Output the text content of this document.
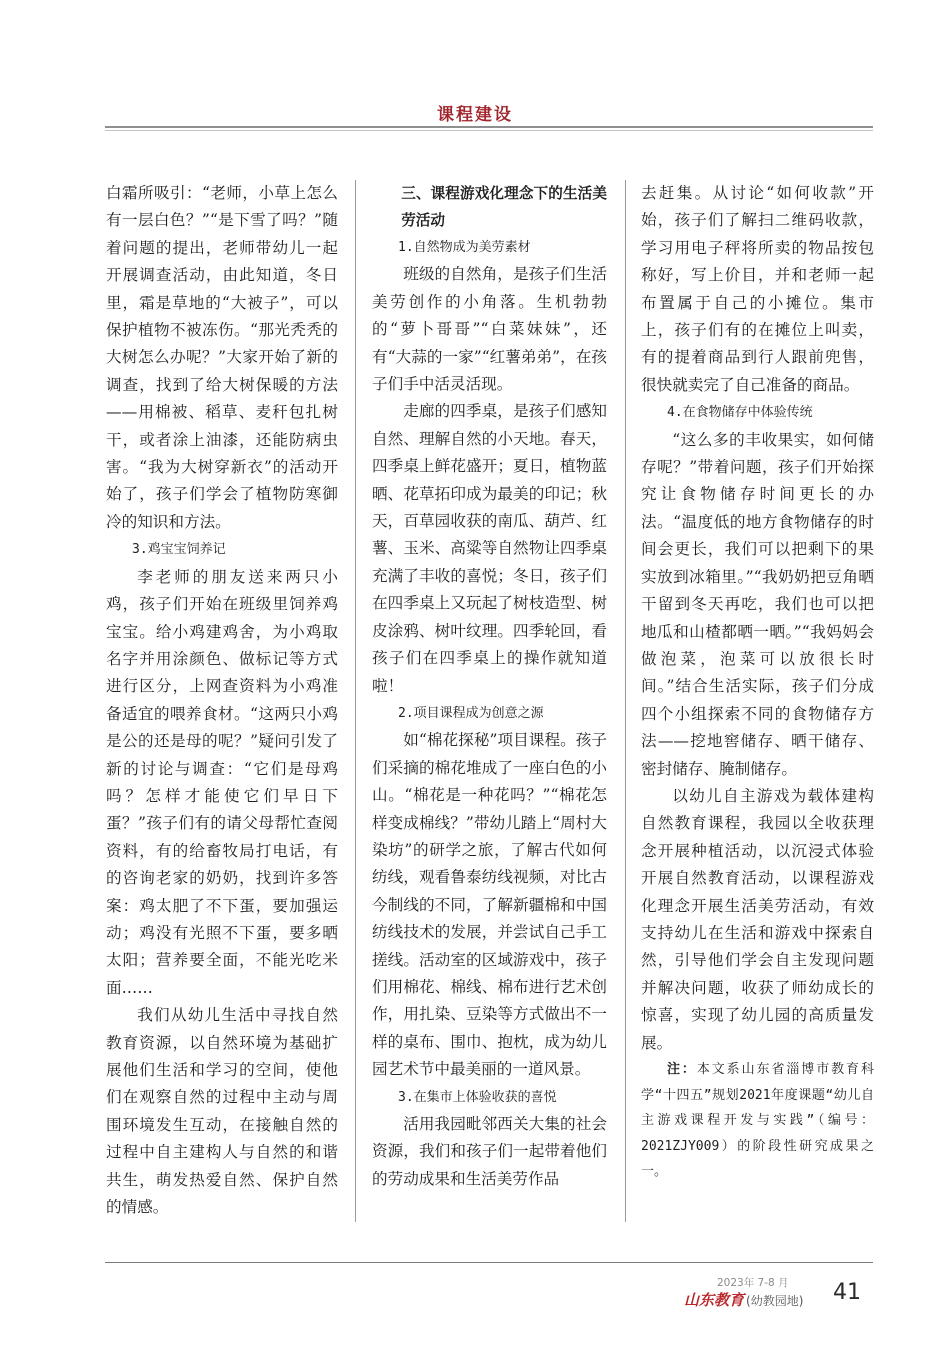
课程建设

白霜所吸引：“老师，小草上怎么有一层白色？”“是下雪了吗？”随着问题的提出，老师带幼儿一起开展调查活动，由此知道，冬日里，霜是草地的“大被子”，可以保护植物不被冻伤。“那光秃秃的大树怎么办呢？”大家开始了新的调查，找到了给大树保暖的方法——用棉被、稻草、麦秆包扎树干，或者涂上油漆，还能防病虫害。“我为大树穿新衣”的活动开始了，孩子们学会了植物防寒御冷的知识和方法。

3.鸡宝宝饲养记

李老师的朋友送来两只小鸡，孩子们开始在班级里饲养鸡宝宝。给小鸡建鸡舍，为小鸡取名字并用涂颜色、做标记等方式进行区分，上网查资料为小鸡准备适宜的喂养食材。“这两只小鸡是公的还是母的呢？”疑问引发了新的讨论与调查：“它们是母鸡吗？怎样才能使它们早日下蛋？”孩子们有的请父母帮忙查阅资料，有的给畜牧局打电话，有的咨询老家的奶奶，找到许多答案：鸡太肥了不下蛋，要加强运动；鸡没有光照不下蛋，要多晒太阳；营养要全面，不能光吃米面……

我们从幼儿生活中寻找自然教育资源，以自然环境为基础扩展他们生活和学习的空间，使他们在观察自然的过程中主动与周围环境发生互动，在接触自然的过程中自主建构人与自然的和谐共生，萌发热爱自然、保护自然的情感。

三、课程游戏化理念下的生活美劳活动

1.自然物成为美劳素材

班级的自然角，是孩子们生活美劳创作的小角落。生机勃勃的“萝卜哥哥”“白菜妹妹”，还有“大蒜的一家”“红薯弟弟”，在孩子们手中活灵活现。

走廊的四季桌，是孩子们感知自然、理解自然的小天地。春天，四季桌上鲜花盛开；夏日，植物蓝晒、花草拓印成为最美的印记；秋天，百草园收获的南瓜、葫芦、红薯、玉米、高粱等自然物让四季桌充满了丰收的喜悦；冬日，孩子们在四季桌上又玩起了树枝造型、树皮涂鸦、树叶纹理。四季轮回，看孩子们在四季桌上的操作就知道啦！

2.项目课程成为创意之源

如“棉花探秘”项目课程。孩子们采摘的棉花堆成了一座白色的小山。“棉花是一种花吗？”“棉花怎样变成棉线？”带幼儿踏上“周村大染坊”的研学之旅，了解古代如何纺线，观看鲁泰纺线视频，对比古今制线的不同，了解新疆棉和中国纺线技术的发展，并尝试自己手工搓线。活动室的区域游戏中，孩子们用棉花、棉线、棉布进行艺术创作，用扎染、豆染等方式做出不一样的桌布、围巾、抱枕，成为幼儿园艺术节中最美丽的一道风景。

3.在集市上体验收获的喜悦

活用我园毗邻西关大集的社会资源，我们和孩子们一起带着他们的劳动成果和生活美劳作品

去赶集。从讨论“如何收款”开始，孩子们了解扫二维码收款，学习用电子秤将所卖的物品按包称好，写上价目，并和老师一起布置属于自己的小摊位。集市上，孩子们有的在摊位上叫卖，有的提着商品到行人跟前兜售，很快就卖完了自己准备的商品。

4.在食物储存中体验传统

“这么多的丰收果实，如何储存呢？”带着问题，孩子们开始探究让食物储存时间更长的办法。“温度低的地方食物储存的时间会更长，我们可以把剩下的果实放到冰箱里。”“我奶奶把豆角晒干留到冬天再吃，我们也可以把地瓜和山楂都晒一晒。”“我妈妈会做泡菜，泡菜可以放很长时间。”结合生活实际，孩子们分成四个小组探索不同的食物储存方法——挖地窖储存、晒干储存、密封储存、腌制储存。

以幼儿自主游戏为载体建构自然教育课程，我园以全收获理念开展种植活动，以沉浸式体验开展自然教育活动，以课程游戏化理念开展生活美劳活动，有效支持幼儿在生活和游戏中探索自然，引导他们学会自主发现问题并解决问题，收获了师幼成长的惊喜，实现了幼儿园的高质量发展。

注：本文系山东省淄博市教育科学“十四五”规划2021年度课题“幼儿自主游戏课程开发与实践”（编号：2021ZJY009）的阶段性研究成果之一。

2023年 7-8 月
山东教育 (幼教园地) 41
